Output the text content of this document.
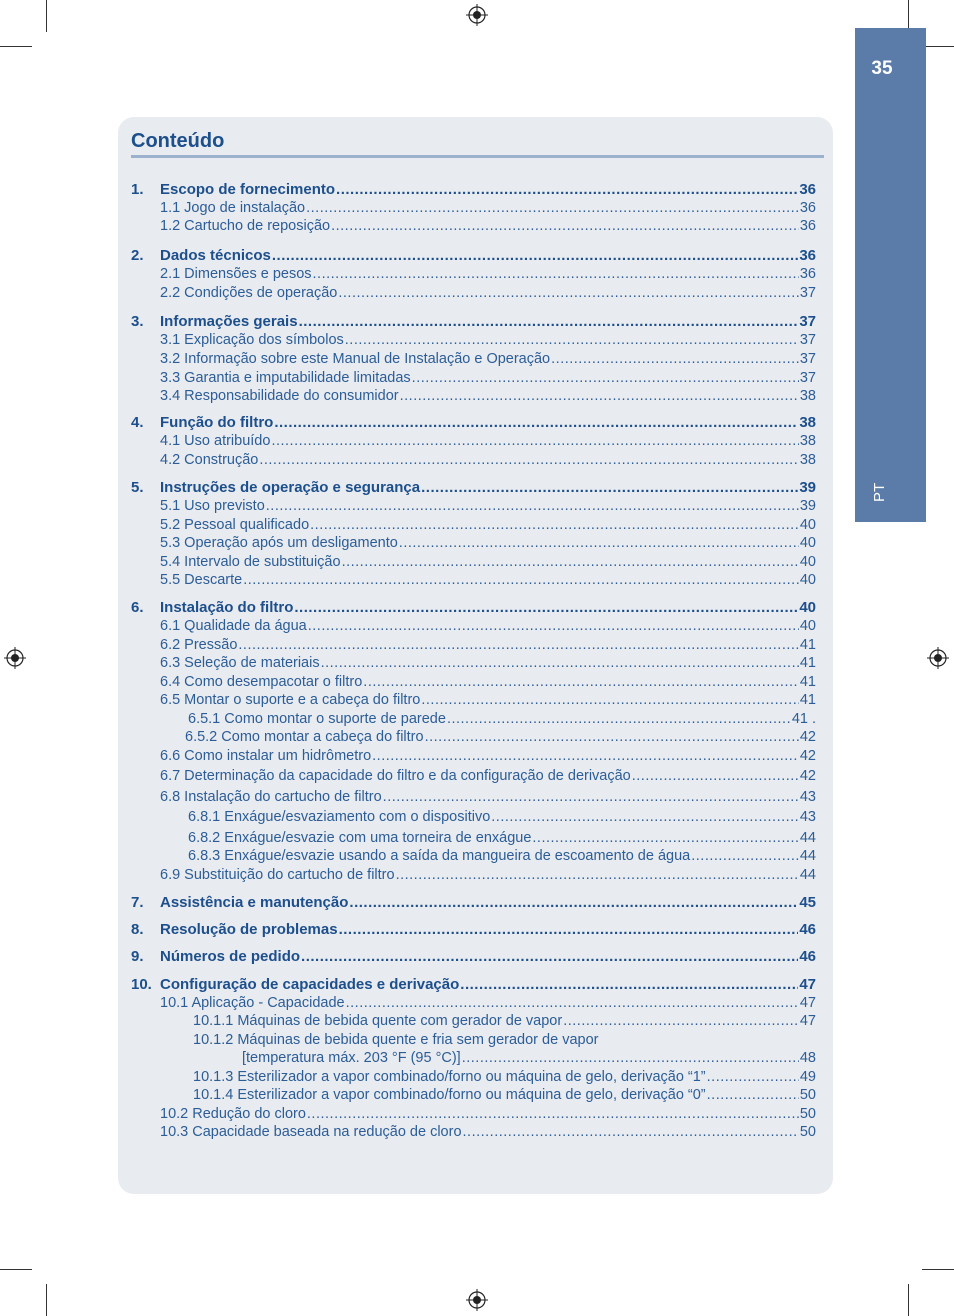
35
PT
Conteúdo
1. Escopo de fornecimento .....	36
1.1 Jogo de instalação .....	36
1.2 Cartucho de reposição .....	36
2. Dados técnicos .....	36
2.1 Dimensões e pesos .....	36
2.2 Condições de operação .....	37
3. Informações gerais .....	37
3.1 Explicação dos símbolos .....	37
3.2 Informação sobre este Manual de Instalação e Operação .....	37
3.3 Garantia e imputabilidade limitadas .....	37
3.4 Responsabilidade do consumidor .....	38
4. Função do filtro .....	38
4.1 Uso atribuído .....	38
4.2 Construção .....	38
5. Instruções de operação e segurança .....	39
5.1 Uso previsto .....	39
5.2 Pessoal qualificado .....	40
5.3 Operação após um desligamento .....	40
5.4 Intervalo de substituição .....	40
5.5 Descarte .....	40
6. Instalação do filtro .....	40
6.1 Qualidade da água .....	40
6.2 Pressão .....	41
6.3 Seleção de materiais .....	41
6.4 Como desempacotar o filtro .....	41
6.5 Montar o suporte e a cabeça do filtro .....	41
6.5.1 Como montar o suporte de parede .....	41 .
6.5.2 Como montar a cabeça do filtro .....	42
6.6 Como instalar um hidrômetro .....	42
6.7 Determinação da capacidade do filtro e da configuração de derivação .....	42
6.8 Instalação do cartucho de filtro .....	43
6.8.1 Enxágue/esvaziamento com o dispositivo .....	43
6.8.2 Enxágue/esvazie com uma torneira de enxágue .....	44
6.8.3 Enxágue/esvazie usando a saída da mangueira de escoamento de água .....	44
6.9 Substituição do cartucho de filtro .....	44
7. Assistência e manutenção .....	45
8. Resolução de problemas .....	46
9. Números de pedido .....	46
10. Configuração de capacidades e derivação .....	47
10.1 Aplicação - Capacidade .....	47
10.1.1 Máquinas de bebida quente com gerador de vapor .....	47
10.1.2 Máquinas de bebida quente e fria sem gerador de vapor
[temperatura máx. 203 °F (95 °C)] .....	48
10.1.3 Esterilizador a vapor combinado/forno ou máquina de gelo, derivação “1” .....	49
10.1.4 Esterilizador a vapor combinado/forno ou máquina de gelo, derivação “0” .....	50
10.2 Redução do cloro .....	50
10.3 Capacidade baseada na redução de cloro .....	50
